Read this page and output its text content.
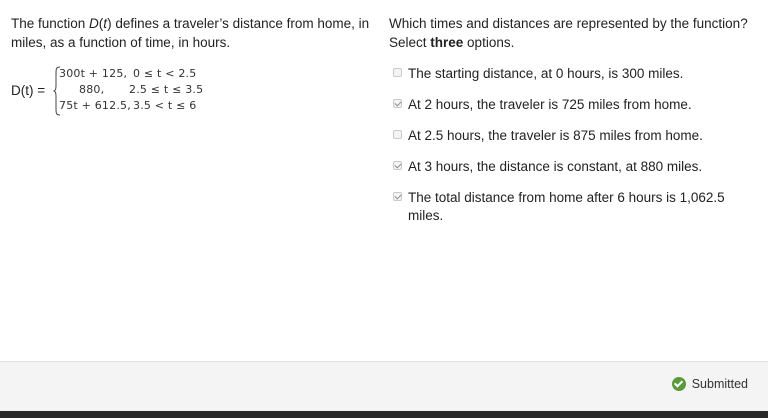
The function D(t) defines a traveler’s distance from home, in miles, as a function of time, in hours.

D(t) =
300t + 125, 0 ≤ t < 2.5
880, 2.5 ≤ t ≤ 3.5
75t + 612.5, 3.5 < t ≤ 6

Which times and distances are represented by the function?
Select three options.

The starting distance, at 0 hours, is 300 miles.
At 2 hours, the traveler is 725 miles from home.
At 2.5 hours, the traveler is 875 miles from home.
At 3 hours, the distance is constant, at 880 miles.
The total distance from home after 6 hours is 1,062.5 miles.
Submitted
